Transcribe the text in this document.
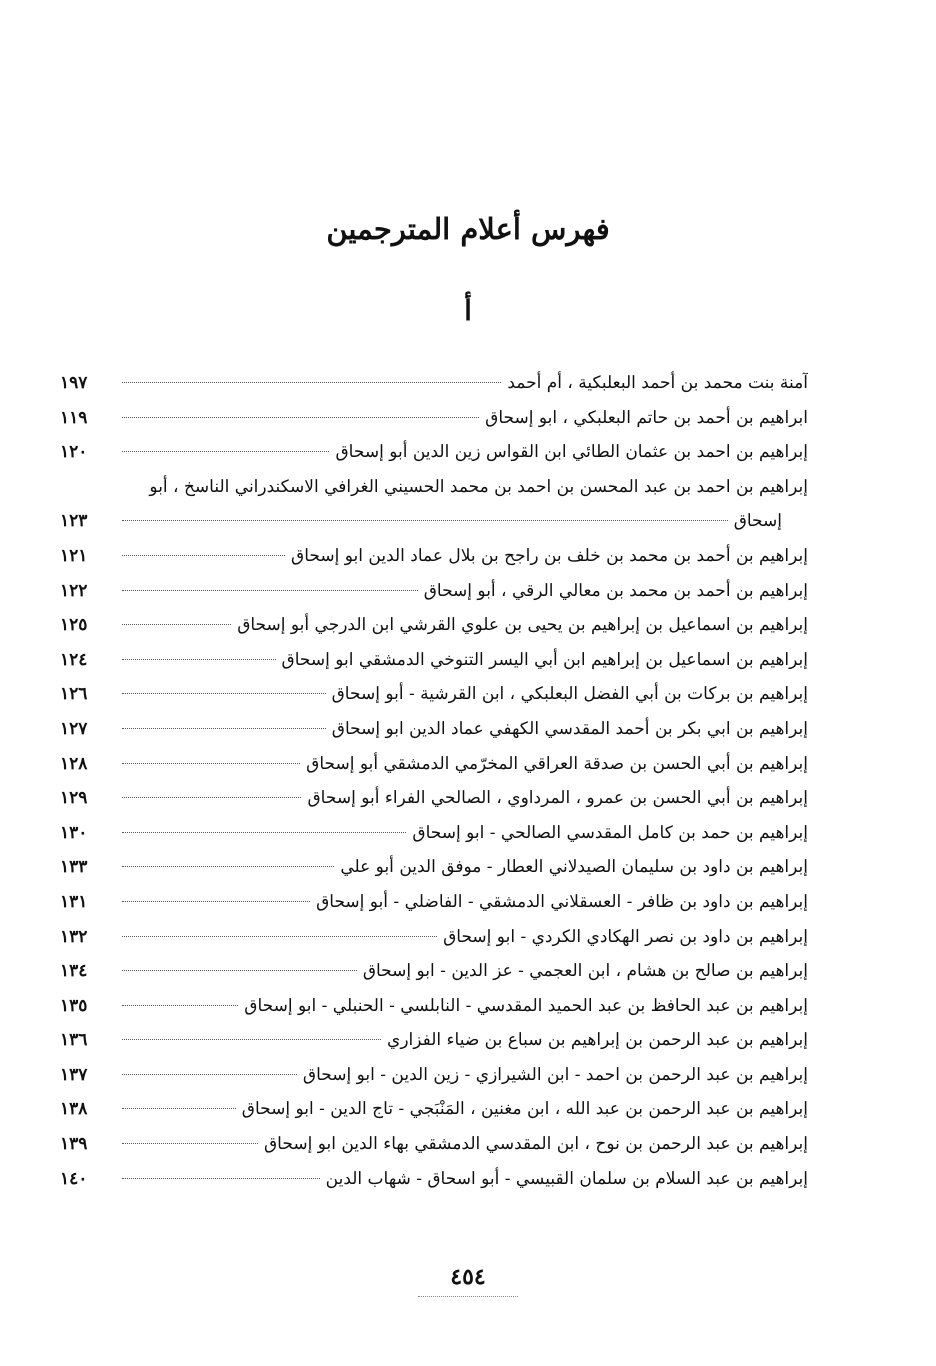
فهرس أعلام المترجمين
أ
آمنة بنت محمد بن أحمد البعلبكية ، أم أحمد
١٩٧
ابراهيم بن أحمد بن حاتم البعلبكي ، ابو إسحاق
١١٩
إبراهيم بن احمد بن عثمان الطائي ابن القواس زين الدين أبو إسحاق
١٢٠
إبراهيم بن احمد بن عبد المحسن بن احمد بن محمد الحسيني الغرافي الاسكندراني الناسخ ، أبو
إسحاق
١٢٣
إبراهيم بن أحمد بن محمد بن خلف بن راجح بن بلال عماد الدين ابو إسحاق
١٢١
إبراهيم بن أحمد بن محمد بن معالي الرقي ، أبو إسحاق
١٢٢
إبراهيم بن اسماعيل بن إبراهيم بن يحيى بن علوي القرشي ابن الدرجي أبو إسحاق
١٢٥
إبراهيم بن اسماعيل بن إبراهيم ابن أبي اليسر التنوخي الدمشقي ابو إسحاق
١٢٤
إبراهيم بن بركات بن أبي الفضل البعلبكي ، ابن القرشية - أبو إسحاق
١٢٦
إبراهيم بن ابي بكر بن أحمد المقدسي الكهفي عماد الدين ابو إسحاق
١٢٧
إبراهيم بن أبي الحسن بن صدقة العراقي المخرّمي الدمشقي أبو إسحاق
١٢٨
إبراهيم بن أبي الحسن بن عمرو ، المرداوي ، الصالحي الفراء أبو إسحاق
١٢٩
إبراهيم بن حمد بن كامل المقدسي الصالحي - ابو إسحاق
١٣٠
إبراهيم بن داود بن سليمان الصيدلاني العطار - موفق الدين أبو علي
١٣٣
إبراهيم بن داود بن ظافر - العسقلاني الدمشقي - الفاضلي - أبو إسحاق
١٣١
إبراهيم بن داود بن نصر الهكادي الكردي - ابو إسحاق
١٣٢
إبراهيم بن صالح بن هشام ، ابن العجمي - عز الدين - ابو إسحاق
١٣٤
إبراهيم بن عبد الحافظ بن عبد الحميد المقدسي - النابلسي - الحنبلي - ابو إسحاق
١٣٥
إبراهيم بن عبد الرحمن بن إبراهيم بن سباع بن ضياء الفزاري
١٣٦
إبراهيم بن عبد الرحمن بن احمد - ابن الشيرازي - زين الدين - ابو إسحاق
١٣٧
إبراهيم بن عبد الرحمن بن عبد الله ، ابن مغنين ، المَنْبَجي - تاج الدين - ابو إسحاق
١٣٨
إبراهيم بن عبد الرحمن بن نوح ، ابن المقدسي الدمشقي بهاء الدين ابو إسحاق
١٣٩
إبراهيم بن عبد السلام بن سلمان القبيسي - أبو اسحاق - شهاب الدين
١٤٠
٤٥٤
